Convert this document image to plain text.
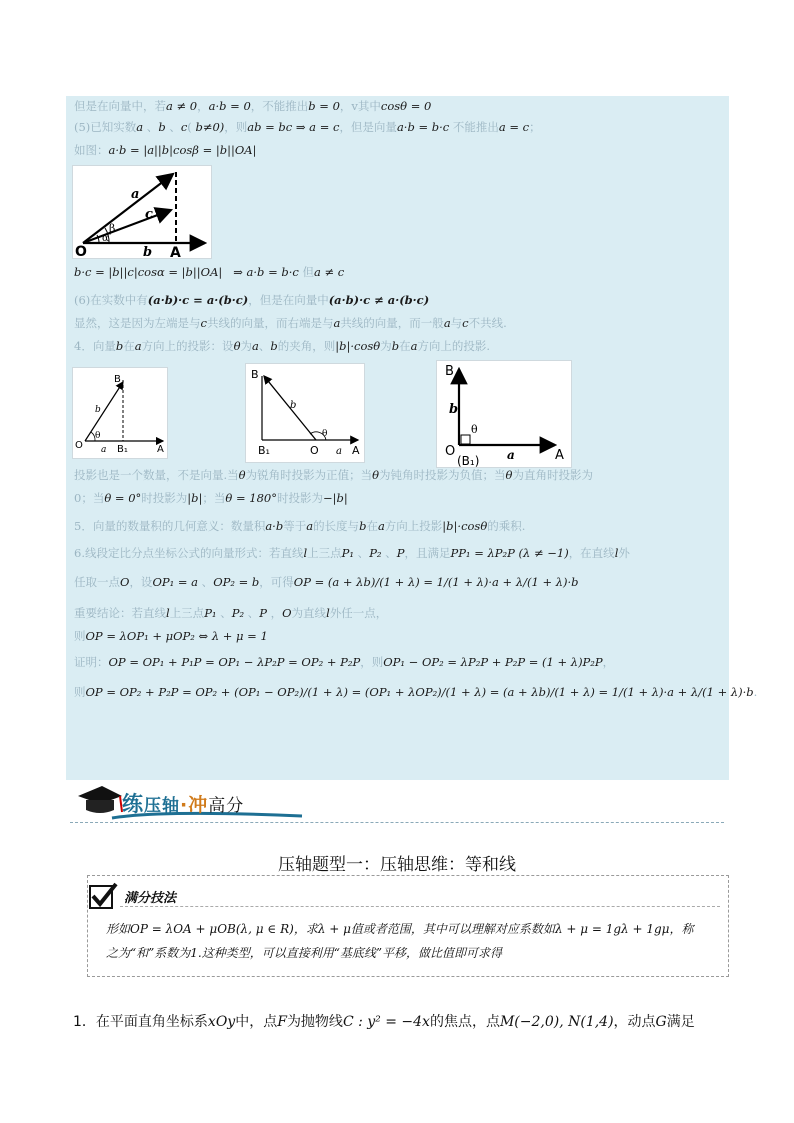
但是在向量中，若a ≠ 0，a·b = 0，不能推出b = 0，v其中cosθ = 0
(5)已知实数a 、b 、c( b≠0)，则ab = bc ⇒ a = c，但是向量a·b = b·c 不能推出a = c；
如图：a·b = |a||b|cosβ = |b||OA|
O	A
b
a
c
β
α
b·c = |b||c|cosα = |b||OA| ⇒ a·b = b·c 但a ≠ c
(6)在实数中有(a·b)·c = a·(b·c)，但是在向量中(a·b)·c ≠ a·(b·c)
显然，这是因为左端是与c共线的向量，而右端是与a共线的向量，而一般a与c不共线.
4．向量b在a方向上的投影：设θ为a、b的夹角，则|b|·cosθ为b在a方向上的投影.
B
b
O a B₁	A
θ
B
b
B₁	O
θ
a A
B
b
θ
O
(B₁) a	A
投影也是一个数量，不是向量.当θ为锐角时投影为正值；当θ为钝角时投影为负值；当θ为直角时投影为
0；当θ = 0°时投影为|b|；当θ = 180°时投影为−|b|
5．向量的数量积的几何意义：数量积a·b等于a的长度与b在a方向上投影|b|·cosθ的乘积.
6.线段定比分点坐标公式的向量形式：若直线l上三点P₁ 、P₂ 、P，且满足PP₁ = λP₂P (λ ≠ −1)，在直线l外
任取一点O，设OP₁ = a 、OP₂ = b，可得OP = (a + λb)/(1 + λ) = 1/(1 + λ)·a + λ/(1 + λ)·b
重要结论：若直线l上三点P₁ 、P₂ 、P ，O为直线l外任一点，
则OP = λOP₁ + μOP₂ ⇔ λ + μ = 1
证明：OP = OP₁ + P₁P = OP₁ − λP₂P = OP₂ + P₂P，则OP₁ − OP₂ = λP₂P + P₂P = (1 + λ)P₂P，
则OP = OP₂ + P₂P = OP₂ + (OP₁ − OP₂)/(1 + λ) = (OP₁ + λOP₂)/(1 + λ) = (a + λb)/(1 + λ) = 1/(1 + λ)·a + λ/(1 + λ)·b.
练压轴·冲高分
压轴题型一：压轴思维：等和线
满分技法
形如OP = λOA + μOB(λ, μ ∈ R)，求λ + μ值或者范围，其中可以理解对应系数如λ + μ = 1gλ + 1gμ，称
之为“和”系数为1.这种类型，可以直接利用“基底线”平移，做比值即可求得
1．在平面直角坐标系xOy中，点F为抛物线C : y² = −4x的焦点，点M(−2,0), N(1,4)，动点G满足
